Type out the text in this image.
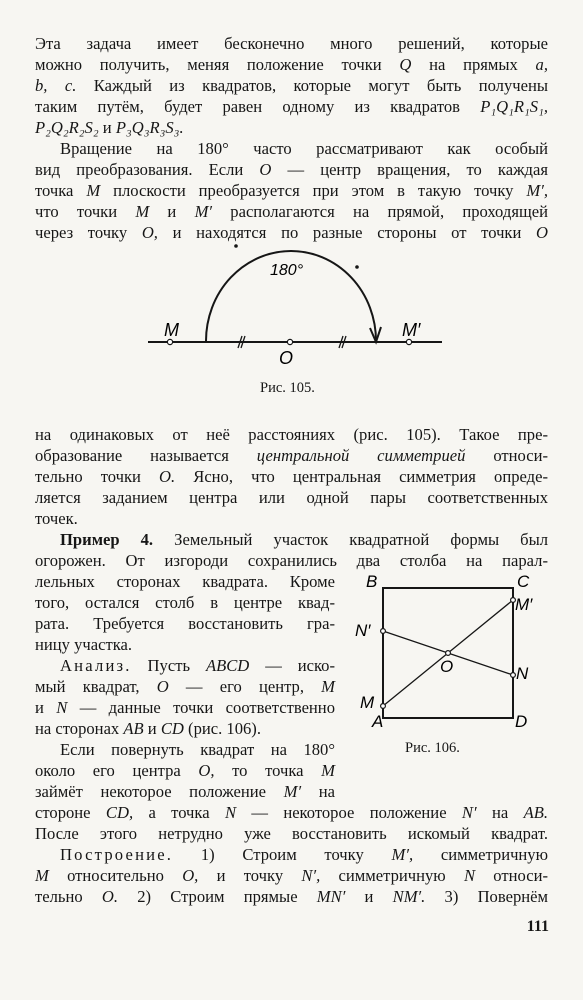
Эта задача имеет бесконечно много решений, которые
можно получить, меняя положение точки Q на прямых a,
b, c. Каждый из квадратов, которые могут быть получены
таким путём, будет равен одному из квадратов P₁Q₁R₁S₁,
P₂Q₂R₂S₂ и P₃Q₃R₃S₃.
Вращение на 180° часто рассматривают как особый
вид преобразования. Если O — центр вращения, то каждая
точка M плоскости преобразуется при этом в такую точку M′,
что точки M и M′ располагаются на прямой, проходящей
через точку O, и находятся по разные стороны от точки O
180°
M	M′
O
Рис. 105.
на одинаковых от неё расстояниях (рис. 105). Такое пре-
образование называется центральной симметрией относи-
тельно точки O. Ясно, что центральная симметрия опреде-
ляется заданием центра или одной пары соответственных
точек.
Пример 4. Земельный участок квадратной формы был
огорожен. От изгороди сохранились два столба на парал-
лельных сторонах квадрата. Кроме
того, остался столб в центре квад-
рата. Требуется восстановить гра-
ницу участка.
Анализ. Пусть ABCD — иско-
мый квадрат, O — его центр, M
и N — данные точки соответственно
на сторонах AB и CD (рис. 106).
Если повернуть квадрат на 180°
около его центра O, то точка M
займёт некоторое положение M′ на
стороне CD, а точка N — некоторое положение N′ на AB.
После этого нетрудно уже восстановить искомый квадрат.
B	C
A	D
M′
N
N′
M
O
Рис. 106.
Построение. 1) Строим точку M′, симметричную
M относительно O, и точку N′, симметричную N относи-
тельно O. 2) Строим прямые MN′ и NM′. 3) Повернём
111
